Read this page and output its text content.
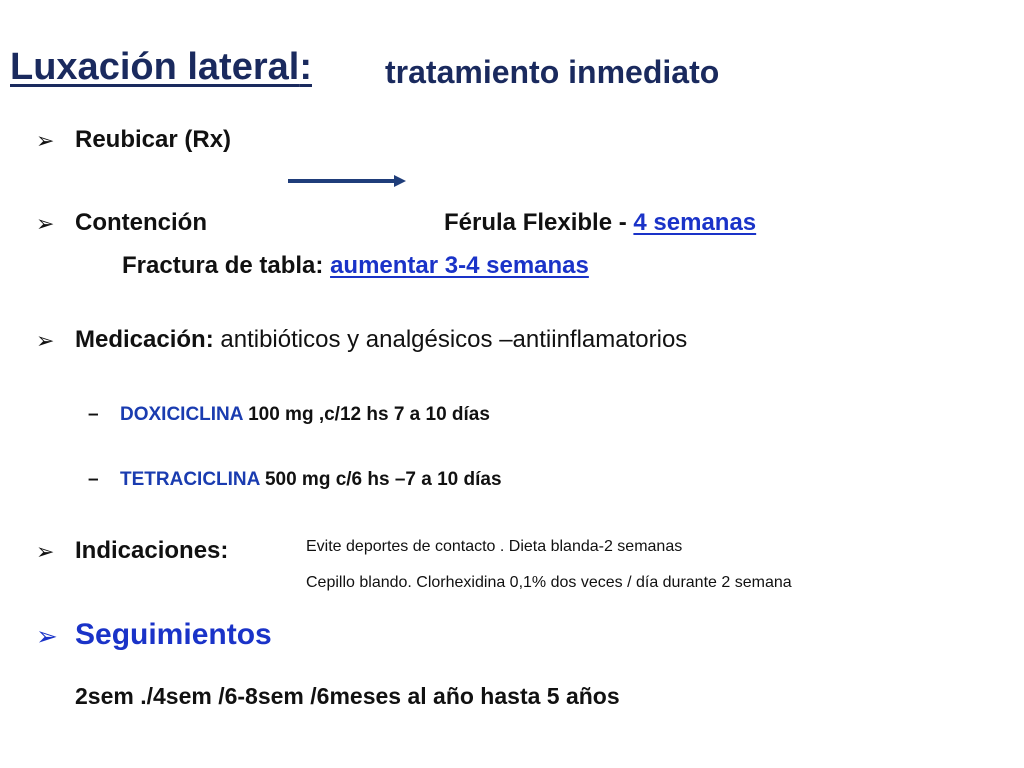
Luxación lateral: tratamiento inmediato
➢ Reubicar (Rx)
➢ Contención	Férula Flexible - 4 semanas
Fractura de tabla: aumentar 3-4 semanas
➢ Medicación: antibióticos y analgésicos –antiinflamatorios
– DOXICICLINA 100 mg ,c/12 hs 7 a 10 días
– TETRACICLINA 500 mg c/6 hs –7 a 10 días
➢ Indicaciones:	Evite deportes de contacto . Dieta blanda-2 semanas
Cepillo blando. Clorhexidina 0,1% dos veces / día durante 2 semana
➢ Seguimientos
2sem ./4sem /6-8sem /6meses al año hasta 5 años
